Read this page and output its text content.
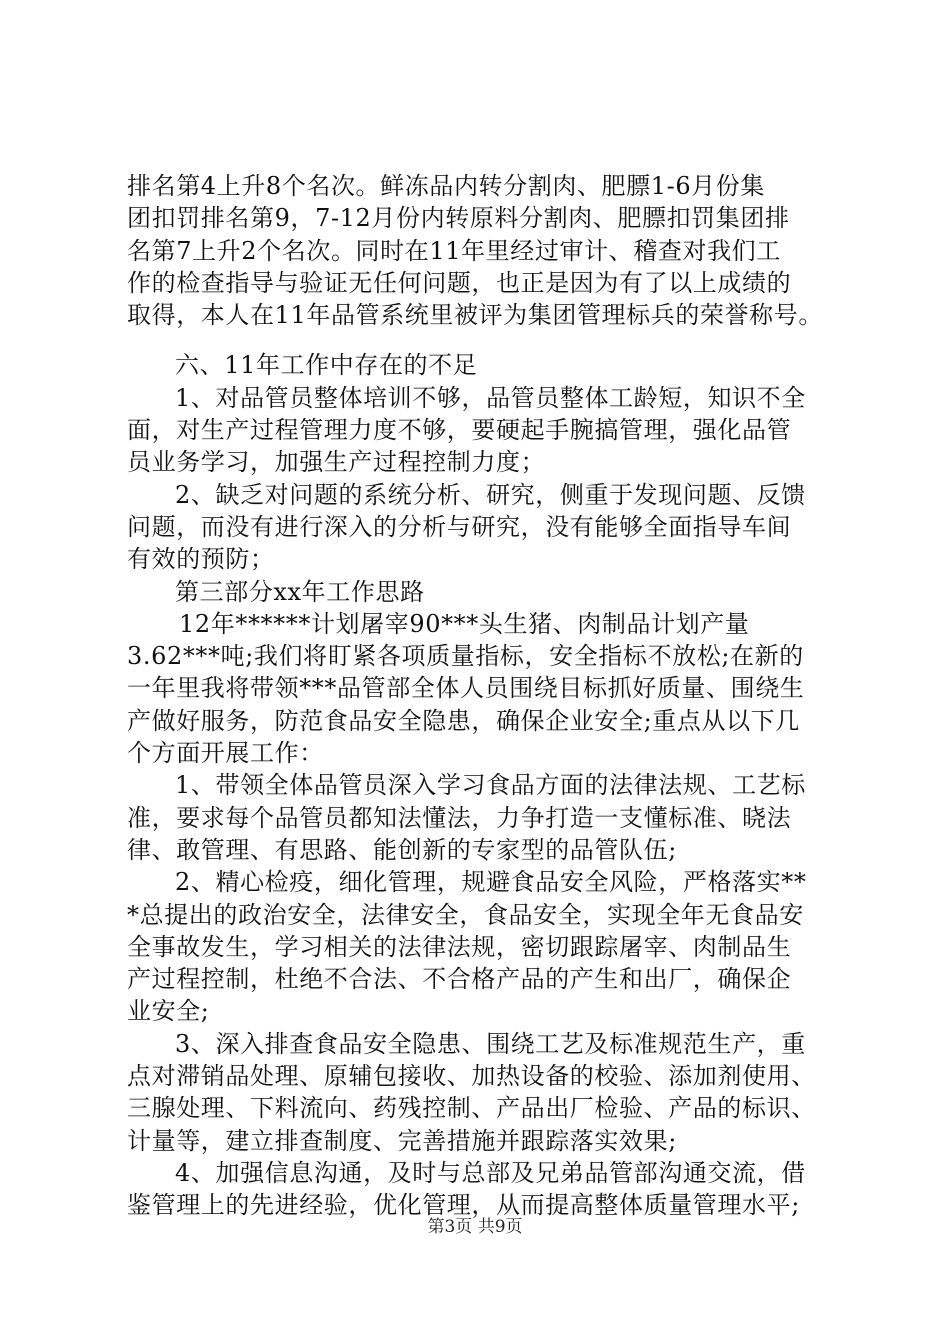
排名第4上升8个名次。鲜冻品内转分割肉、肥膘1-6月份集
团扣罚排名第9，7-12月份内转原料分割肉、肥膘扣罚集团排
名第7上升2个名次。同时在11年里经过审计、稽查对我们工
作的检查指导与验证无任何问题，也正是因为有了以上成绩的
取得，本人在11年品管系统里被评为集团管理标兵的荣誉称号。
六、11年工作中存在的不足
1、对品管员整体培训不够，品管员整体工龄短，知识不全
面，对生产过程管理力度不够，要硬起手腕搞管理，强化品管
员业务学习，加强生产过程控制力度；
2、缺乏对问题的系统分析、研究，侧重于发现问题、反馈
问题，而没有进行深入的分析与研究，没有能够全面指导车间
有效的预防；
第三部分xx年工作思路
12年******计划屠宰90***头生猪、肉制品计划产量
3.62***吨;我们将盯紧各项质量指标，安全指标不放松;在新的
一年里我将带领***品管部全体人员围绕目标抓好质量、围绕生
产做好服务，防范食品安全隐患，确保企业安全;重点从以下几
个方面开展工作：
1、带领全体品管员深入学习食品方面的法律法规、工艺标
准，要求每个品管员都知法懂法，力争打造一支懂标准、晓法
律、敢管理、有思路、能创新的专家型的品管队伍;
2、精心检疫，细化管理，规避食品安全风险，严格落实**
*总提出的政治安全，法律安全，食品安全，实现全年无食品安
全事故发生，学习相关的法律法规，密切跟踪屠宰、肉制品生
产过程控制，杜绝不合法、不合格产品的产生和出厂，确保企
业安全;
3、深入排查食品安全隐患、围绕工艺及标准规范生产，重
点对滞销品处理、原辅包接收、加热设备的校验、添加剂使用、
三腺处理、下料流向、药残控制、产品出厂检验、产品的标识、
计量等，建立排查制度、完善措施并跟踪落实效果;
4、加强信息沟通，及时与总部及兄弟品管部沟通交流，借
鉴管理上的先进经验，优化管理，从而提高整体质量管理水平;
第3页 共9页
